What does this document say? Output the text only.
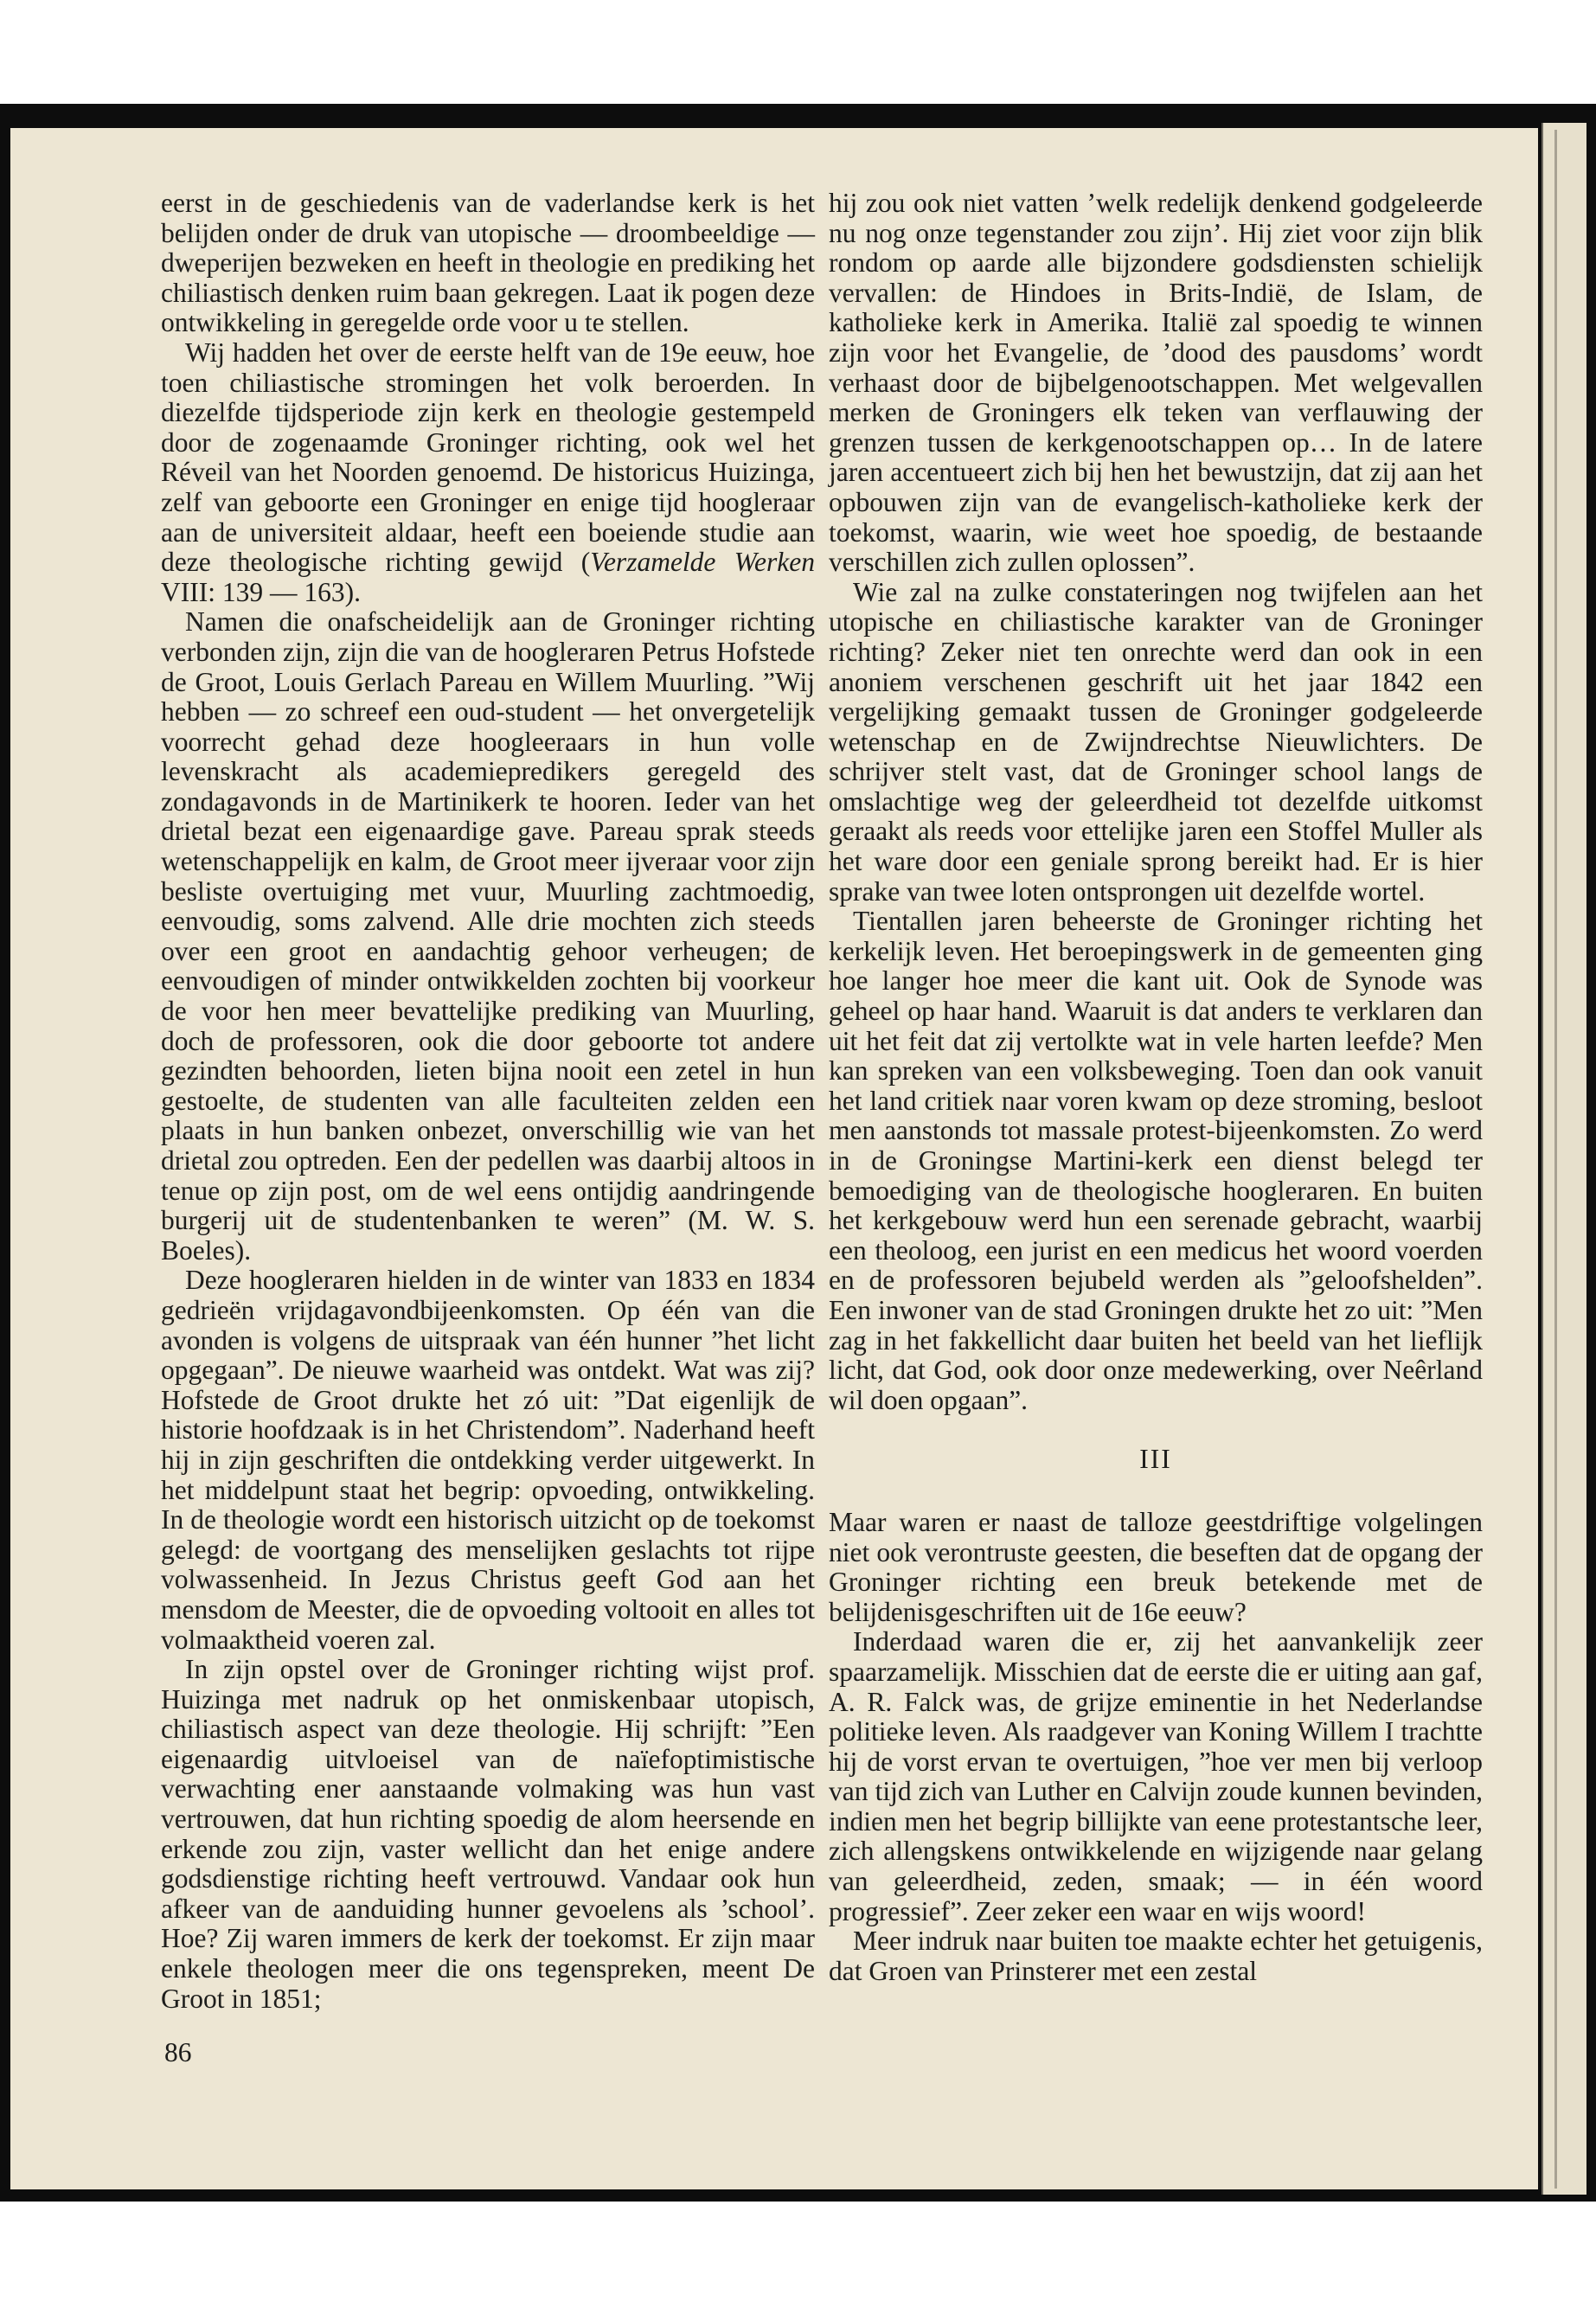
eerst in de geschiedenis van de vaderlandse kerk is het belijden onder de druk van utopische — droombeeldige — dweperijen bezweken en heeft in theologie en prediking het chiliastisch denken ruim baan gekregen. Laat ik pogen deze ontwikkeling in geregelde orde voor u te stellen.

Wij hadden het over de eerste helft van de 19e eeuw, hoe toen chiliastische stromingen het volk beroerden. In diezelfde tijdsperiode zijn kerk en theologie gestempeld door de zogenaamde Groninger richting, ook wel het Réveil van het Noorden genoemd. De historicus Huizinga, zelf van geboorte een Groninger en enige tijd hoogleraar aan de universiteit aldaar, heeft een boeiende studie aan deze theologische richting gewijd (Verzamelde Werken VIII: 139 — 163).

Namen die onafscheidelijk aan de Groninger richting verbonden zijn, zijn die van de hoogleraren Petrus Hofstede de Groot, Louis Gerlach Pareau en Willem Muurling. ”Wij hebben — zo schreef een oud-student — het onvergetelijk voorrecht gehad deze hoogleeraars in hun volle levenskracht als academiepredikers geregeld des zondagavonds in de Martinikerk te hooren. Ieder van het drietal bezat een eigenaardige gave. Pareau sprak steeds wetenschappelijk en kalm, de Groot meer ijveraar voor zijn besliste overtuiging met vuur, Muurling zachtmoedig, eenvoudig, soms zalvend. Alle drie mochten zich steeds over een groot en aandachtig gehoor verheugen; de eenvoudigen of minder ontwikkelden zochten bij voorkeur de voor hen meer bevattelijke prediking van Muurling, doch de professoren, ook die door geboorte tot andere gezindten behoorden, lieten bijna nooit een zetel in hun gestoelte, de studenten van alle faculteiten zelden een plaats in hun banken onbezet, onverschillig wie van het drietal zou optreden. Een der pedellen was daarbij altoos in tenue op zijn post, om de wel eens ontijdig aandringende burgerij uit de studentenbanken te weren” (M. W. S. Boeles).

Deze hoogleraren hielden in de winter van 1833 en 1834 gedrieën vrijdagavondbijeenkomsten. Op één van die avonden is volgens de uitspraak van één hunner ”het licht opgegaan”. De nieuwe waarheid was ontdekt. Wat was zij? Hofstede de Groot drukte het zó uit: ”Dat eigenlijk de historie hoofdzaak is in het Christendom”. Naderhand heeft hij in zijn geschriften die ontdekking verder uitgewerkt. In het middelpunt staat het begrip: opvoeding, ontwikkeling. In de theologie wordt een historisch uitzicht op de toekomst gelegd: de voortgang des menselijken geslachts tot rijpe volwassenheid. In Jezus Christus geeft God aan het mensdom de Meester, die de opvoeding voltooit en alles tot volmaaktheid voeren zal.

In zijn opstel over de Groninger richting wijst prof. Huizinga met nadruk op het onmiskenbaar utopisch, chiliastisch aspect van deze theologie. Hij schrijft: ”Een eigenaardig uitvloeisel van de naïefoptimistische verwachting ener aanstaande volmaking was hun vast vertrouwen, dat hun richting spoedig de alom heersende en erkende zou zijn, vaster wellicht dan het enige andere godsdienstige richting heeft vertrouwd. Vandaar ook hun afkeer van de aanduiding hunner gevoelens als ’school’. Hoe? Zij waren immers de kerk der toekomst. Er zijn maar enkele theologen meer die ons tegenspreken, meent De Groot in 1851;

hij zou ook niet vatten ’welk redelijk denkend godgeleerde nu nog onze tegenstander zou zijn’. Hij ziet voor zijn blik rondom op aarde alle bijzondere godsdiensten schielijk vervallen: de Hindoes in Brits-Indië, de Islam, de katholieke kerk in Amerika. Italië zal spoedig te winnen zijn voor het Evangelie, de ’dood des pausdoms’ wordt verhaast door de bijbelgenootschappen. Met welgevallen merken de Groningers elk teken van verflauwing der grenzen tussen de kerkgenootschappen op… In de latere jaren accentueert zich bij hen het bewustzijn, dat zij aan het opbouwen zijn van de evangelisch-katholieke kerk der toekomst, waarin, wie weet hoe spoedig, de bestaande verschillen zich zullen oplossen”.

Wie zal na zulke constateringen nog twijfelen aan het utopische en chiliastische karakter van de Groninger richting? Zeker niet ten onrechte werd dan ook in een anoniem verschenen geschrift uit het jaar 1842 een vergelijking gemaakt tussen de Groninger godgeleerde wetenschap en de Zwijndrechtse Nieuwlichters. De schrijver stelt vast, dat de Groninger school langs de omslachtige weg der geleerdheid tot dezelfde uitkomst geraakt als reeds voor ettelijke jaren een Stoffel Muller als het ware door een geniale sprong bereikt had. Er is hier sprake van twee loten ontsprongen uit dezelfde wortel.

Tientallen jaren beheerste de Groninger richting het kerkelijk leven. Het beroepingswerk in de gemeenten ging hoe langer hoe meer die kant uit. Ook de Synode was geheel op haar hand. Waaruit is dat anders te verklaren dan uit het feit dat zij vertolkte wat in vele harten leefde? Men kan spreken van een volksbeweging. Toen dan ook vanuit het land critiek naar voren kwam op deze stroming, besloot men aanstonds tot massale protest-bijeenkomsten. Zo werd in de Groningse Martini-kerk een dienst belegd ter bemoediging van de theologische hoogleraren. En buiten het kerkgebouw werd hun een serenade gebracht, waarbij een theoloog, een jurist en een medicus het woord voerden en de professoren bejubeld werden als ”geloofshelden”. Een inwoner van de stad Groningen drukte het zo uit: ”Men zag in het fakkellicht daar buiten het beeld van het lieflijk licht, dat God, ook door onze medewerking, over Neêrland wil doen opgaan”.

III

Maar waren er naast de talloze geestdriftige volgelingen niet ook verontruste geesten, die beseften dat de opgang der Groninger richting een breuk betekende met de belijdenisgeschriften uit de 16e eeuw?

Inderdaad waren die er, zij het aanvankelijk zeer spaarzamelijk. Misschien dat de eerste die er uiting aan gaf, A. R. Falck was, de grijze eminentie in het Nederlandse politieke leven. Als raadgever van Koning Willem I trachtte hij de vorst ervan te overtuigen, ”hoe ver men bij verloop van tijd zich van Luther en Calvijn zoude kunnen bevinden, indien men het begrip billijkte van eene protestantsche leer, zich allengskens ontwikkelende en wijzigende naar gelang van geleerdheid, zeden, smaak; — in één woord progressief”. Zeer zeker een waar en wijs woord!

Meer indruk naar buiten toe maakte echter het getuigenis, dat Groen van Prinsterer met een zestal

86
